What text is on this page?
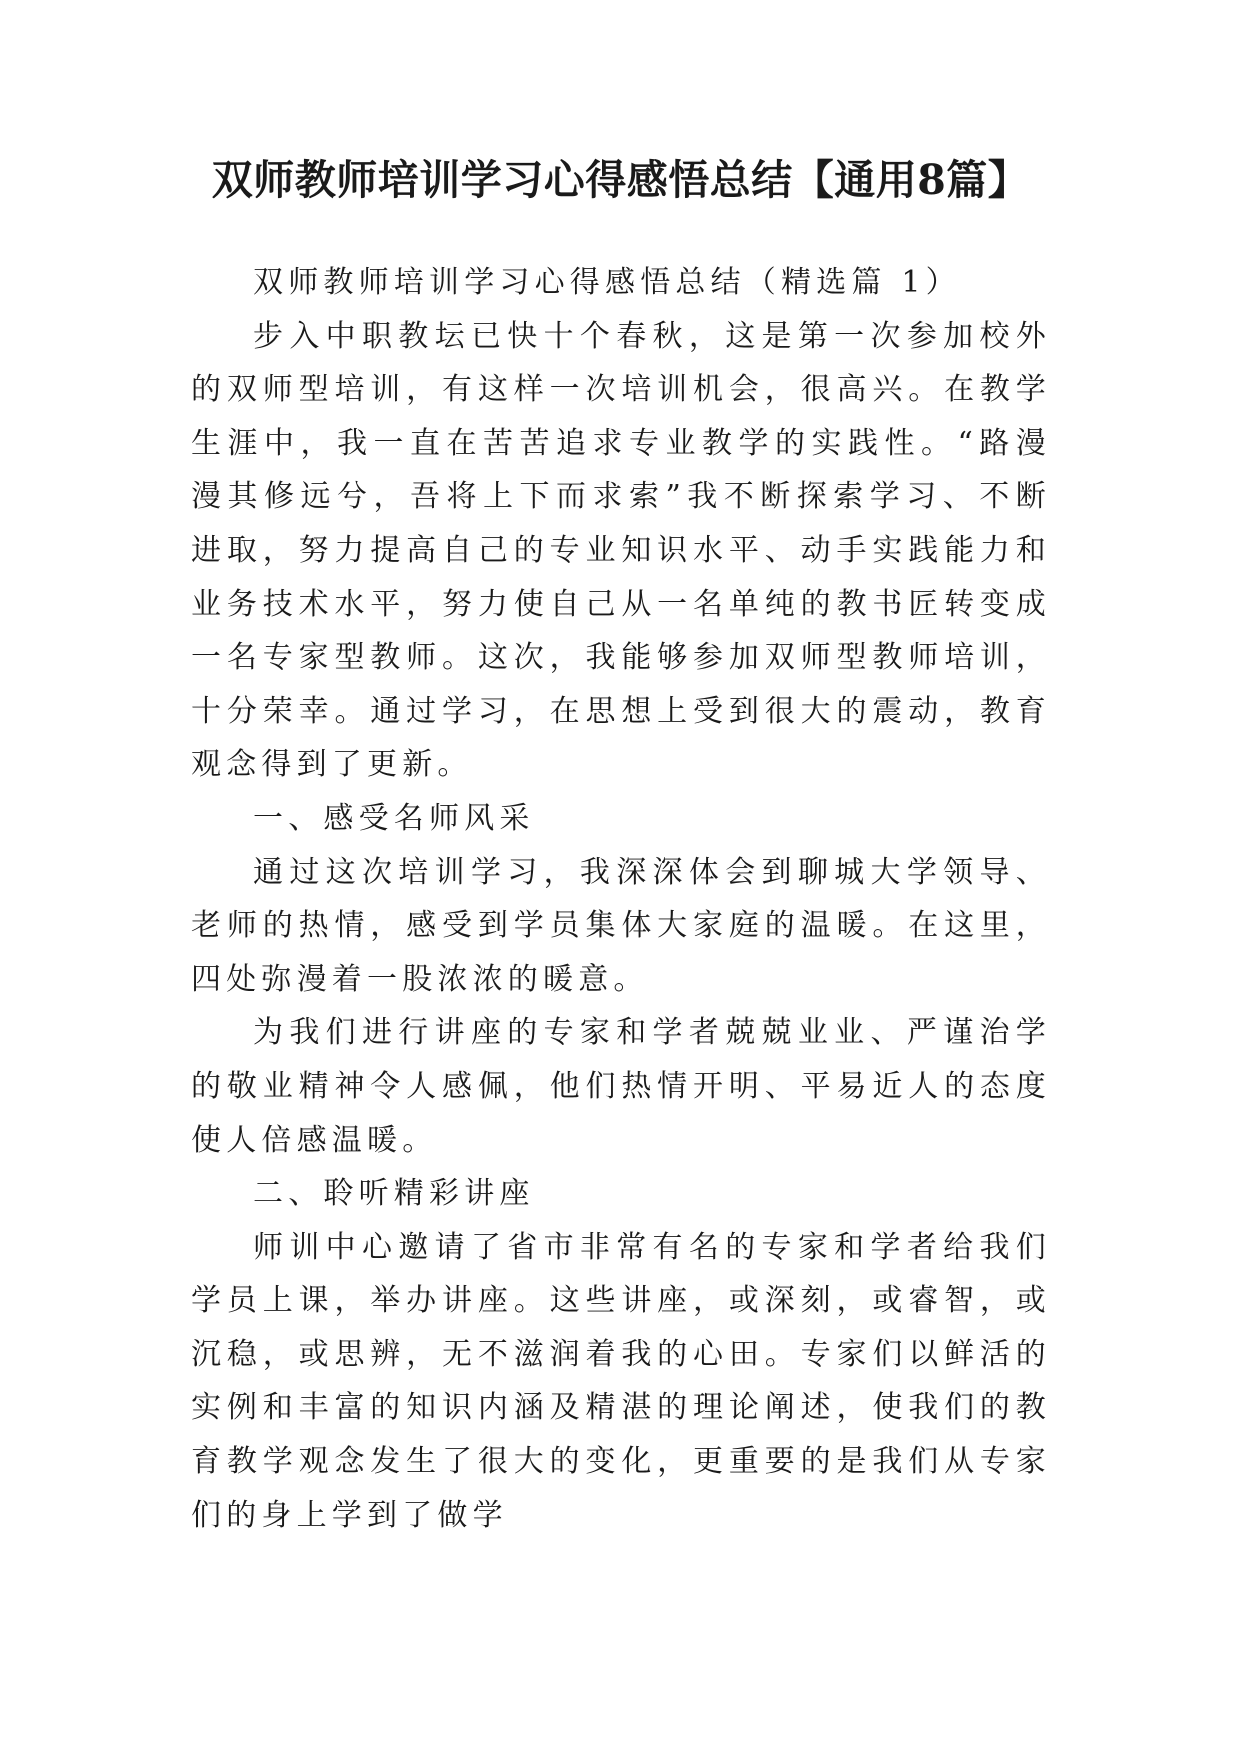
双师教师培训学习心得感悟总结【通用8篇】

双师教师培训学习心得感悟总结（精选篇 1）

步入中职教坛已快十个春秋，这是第一次参加校外的双师型培训，有这样一次培训机会，很高兴。在教学生涯中，我一直在苦苦追求专业教学的实践性。“路漫漫其修远兮，吾将上下而求索”我不断探索学习、不断进取，努力提高自己的专业知识水平、动手实践能力和业务技术水平，努力使自己从一名单纯的教书匠转变成一名专家型教师。这次，我能够参加双师型教师培训，十分荣幸。通过学习，在思想上受到很大的震动，教育观念得到了更新。

一、感受名师风采

通过这次培训学习，我深深体会到聊城大学领导、老师的热情，感受到学员集体大家庭的温暖。在这里，四处弥漫着一股浓浓的暖意。

为我们进行讲座的专家和学者兢兢业业、严谨治学的敬业精神令人感佩，他们热情开明、平易近人的态度使人倍感温暖。

二、聆听精彩讲座

师训中心邀请了省市非常有名的专家和学者给我们学员上课，举办讲座。这些讲座，或深刻，或睿智，或沉稳，或思辨，无不滋润着我的心田。专家们以鲜活的实例和丰富的知识内涵及精湛的理论阐述，使我们的教育教学观念发生了很大的变化，更重要的是我们从专家们的身上学到了做学
